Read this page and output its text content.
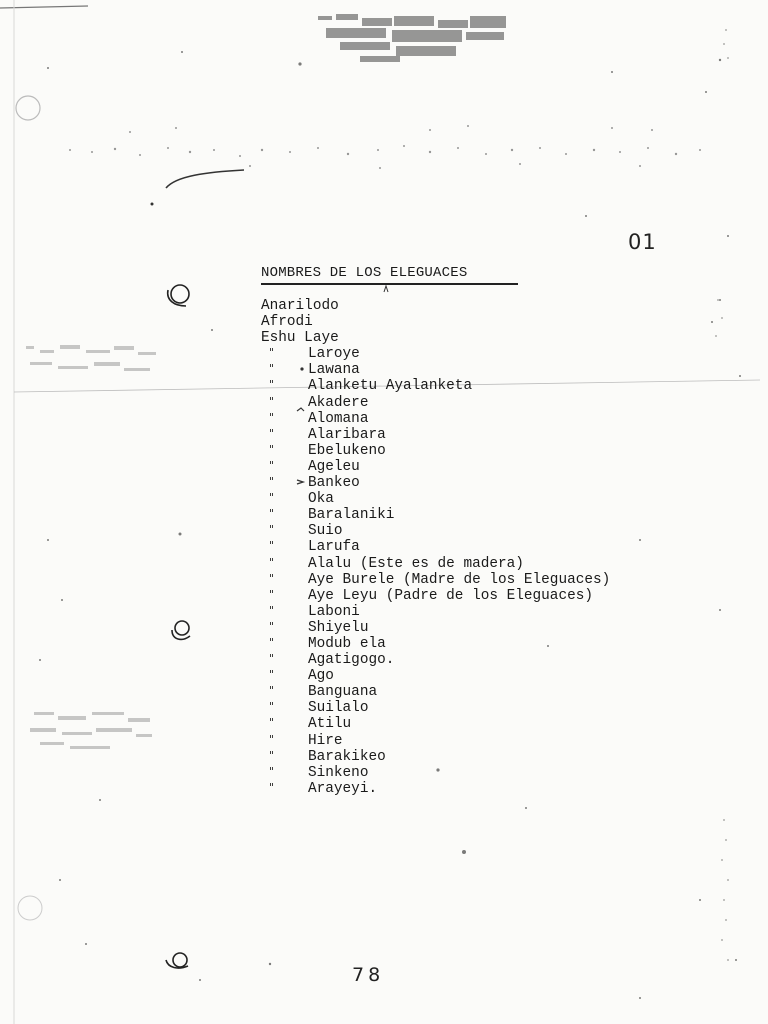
01
NOMBRES DE LOS ELEGUACES
Anarilodo
Afrodi
Eshu Laye
" Laroye
" Lawana
" Alanketu Ayalanketa
" Akadere
" Alomana
" Alaribara
" Ebelukeno
" Ageleu
" Bankeo
" Oka
" Baralaniki
" Suio
" Larufa
" Alalu (Este es de madera)
" Aye Burele (Madre de los Eleguaces)
" Aye Leyu (Padre de los Eleguaces)
" Laboni
" Shiyelu
" Modub ela
" Agatigogo.
" Ago
" Banguana
" Suilalo
" Atilu
" Hire
" Barakikeo
" Sinkeno
" Arayeyi.
78
